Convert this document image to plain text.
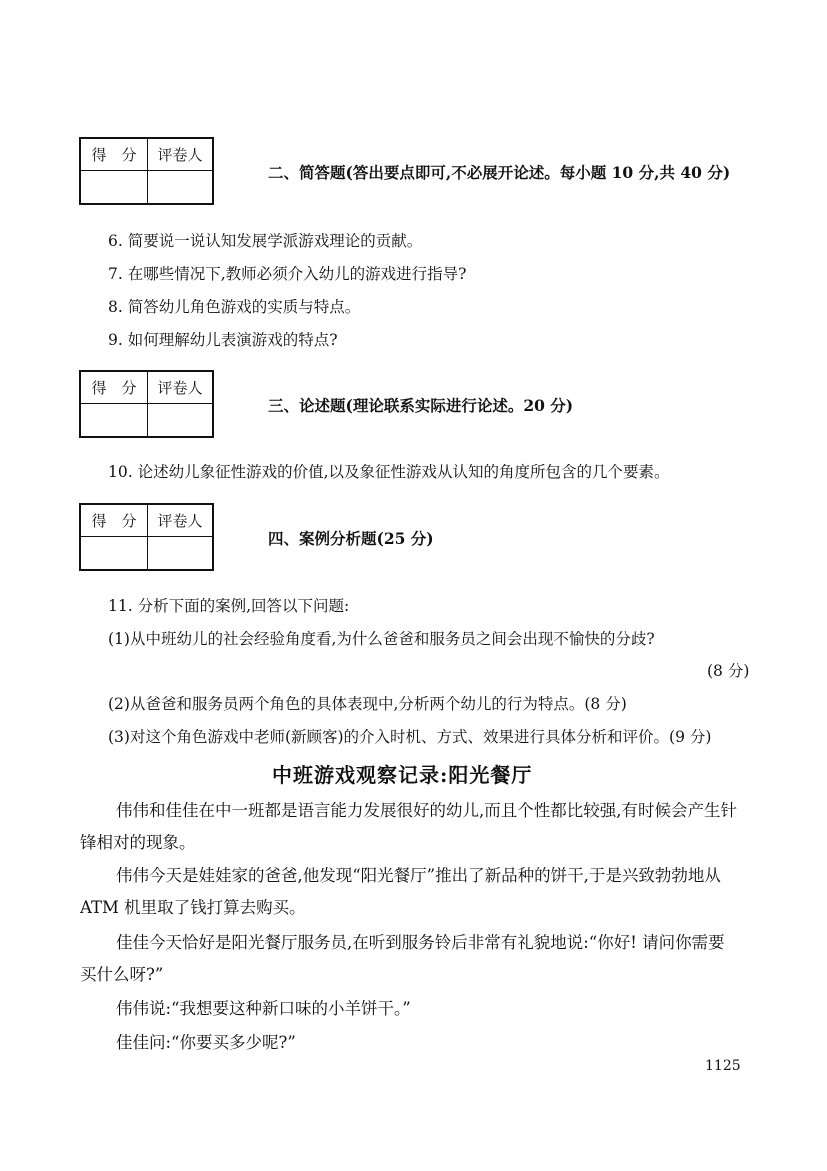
得　分	评卷人

二、简答题(答出要点即可,不必展开论述。每小题 10 分,共 40 分)
6. 简要说一说认知发展学派游戏理论的贡献。
7. 在哪些情况下,教师必须介入幼儿的游戏进行指导?
8. 简答幼儿角色游戏的实质与特点。
9. 如何理解幼儿表演游戏的特点?
得　分	评卷人

三、论述题(理论联系实际进行论述。20 分)
10. 论述幼儿象征性游戏的价值,以及象征性游戏从认知的角度所包含的几个要素。
得　分	评卷人

四、案例分析题(25 分)
11. 分析下面的案例,回答以下问题:
(1)从中班幼儿的社会经验角度看,为什么爸爸和服务员之间会出现不愉快的分歧?
(8 分)
(2)从爸爸和服务员两个角色的具体表现中,分析两个幼儿的行为特点。(8 分)
(3)对这个角色游戏中老师(新顾客)的介入时机、方式、效果进行具体分析和评价。(9 分)
中班游戏观察记录:阳光餐厅
伟伟和佳佳在中一班都是语言能力发展很好的幼儿,而且个性都比较强,有时候会产生针
锋相对的现象。
伟伟今天是娃娃家的爸爸,他发现“阳光餐厅”推出了新品种的饼干,于是兴致勃勃地从
ATM 机里取了钱打算去购买。
佳佳今天恰好是阳光餐厅服务员,在听到服务铃后非常有礼貌地说:“你好! 请问你需要
买什么呀?”
伟伟说:“我想要这种新口味的小羊饼干。”
佳佳问:“你要买多少呢?”
1125
